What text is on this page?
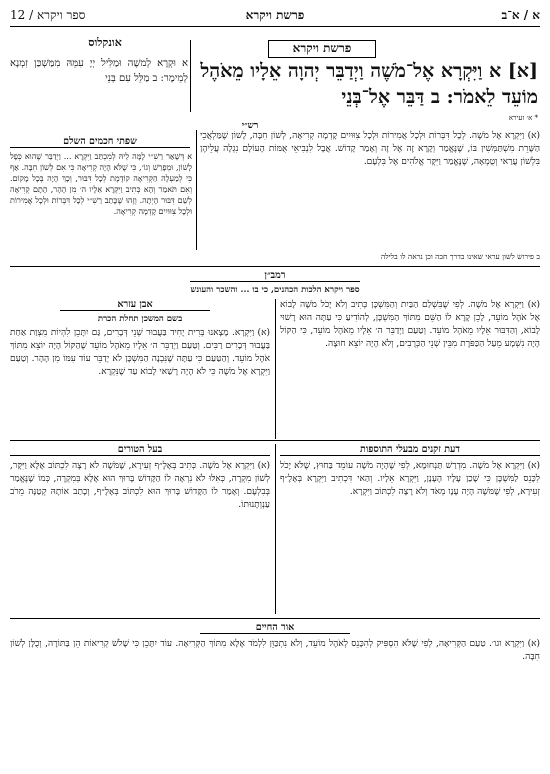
א / א־ב
פרשת ויקרא
12 / ספר ויקרא
פרשת ויקרא
אונקלוס
א וּקְרָא לְמשֶׁה וּמַלִּיל יְיָ עִמֵּהּ מִמַּשְׁכַּן זִמְנָא לְמֵימָר: ב מַלֵּל עִם בְּנֵי [א] א וַיִּקְרָא אֶל־מֹשֶׁה וַיְדַבֵּר יְהוָה אֵלָיו מֵאֹהֶל מוֹעֵד לֵאמֹר: ב דַּבֵּר אֶל־בְּנֵי
* א׳ זעירא
רש״י
(א) וַיִּקְרָא אֶל מֹשֶׁה. לְכָל דִּבְּרוֹת וּלְכָל אֲמִירוֹת וּלְכָל צִוּוּיִים קָדְמָה קְרִיאָה, לְשׁוֹן חִבָּה, לָשׁוֹן שֶׁמַּלְאֲכֵי הַשָּׁרֵת מִשְׁתַּמְּשִׁין בּוֹ, שֶׁנֶּאֱמַר וְקָרָא זֶה אֶל זֶה וְאָמַר קָדוֹשׁ. אֲבָל לִנְבִיאֵי אֻמּוֹת הָעוֹלָם נִגְלָה עֲלֵיהֶן בִּלְשׁוֹן עֲרַאי וְטֻמְאָה, שֶׁנֶּאֱמַר וַיִּקָּר אֱלֹהִים אֶל בִּלְעָם.
שפתי חכמים השלם
א דְּשָׁאַר רַשִׁ״י לָמָּה לֵיהּ לְמִכְתַּב וַיִּקְרָא ... וַיְדַבֵּר שֶׁהוּא כְּפָל לָשׁוֹן, וּמְפָרֵשׁ וְגוֹ׳, כִּי שֶׁלֹּא הָיָה קְרִיאָה כִּי אִם לְשׁוֹן חִבָּה. אַף כִּי לְמַעְלָה הַקְּרִיאָה קוֹדֶמֶת לְכָל דִּבּוּר, וְכָךְ הָיָה בְּכָל מָקוֹם. וְאִם תֹּאמַר וְהָא כְּתִיב וַיִּקְרָא אֵלָיו ה׳ מִן הָהָר, הָתָם קְרִיאָה לְשֵׁם דִּבּוּר הָיְתָה. וְזֶהוּ שֶׁכָּתַב רַשִׁ״י לְכָל דִּבְּרוֹת וּלְכָל אֲמִירוֹת וּלְכָל צִוּוּיִים קָדְמָה קְרִיאָה.
ב פירוש לשון עראי שאינו בדרך חבה וכן נראה לו בלילה
רמב״ן
ספר ויקרא הלכות הכהנים, כי בו ... והשכר והעונש
(א) וַיִּקְרָא אֶל מֹשֶׁה. לְפִי שֶׁבִּשְׁלַם הַבַּיִת וְהַמִּשְׁכָּן כְּתִיב וְלֹא יָכֹל מֹשֶׁה לָבוֹא אֶל אֹהֶל מוֹעֵד, לָכֵן קָרָא לוֹ הַשֵּׁם מִתּוֹךְ הַמִּשְׁכָּן, לְהוֹדִיעַ כִּי עַתָּה הוּא רָשׁוּי לָבוֹא, וְהַדִּבּוּר אֵלָיו מֵאֹהֶל מוֹעֵד. וְטַעַם וַיְדַבֵּר ה׳ אֵלָיו מֵאֹהֶל מוֹעֵד, כִּי הַקּוֹל הָיָה נִשְׁמָע מֵעַל הַכַּפֹּרֶת מִבֵּין שְׁנֵי הַכְּרֻבִים, וְלֹא הָיָה יוֹצֵא חוּצָה.
אבן עזרא
בשם המשכן תחלת הכרת
(א) וַיִּקְרָא. מָצָאנוּ בְּרִית יָחִיד בַּעֲבוּר שְׁנֵי דְּבָרִים, גַּם יִתָּכֵן לִהְיוֹת מִצְוַת אַחַת בַּעֲבוּר דְּבָרִים רַבִּים. וְטַעַם וַיְדַבֵּר ה׳ אֵלָיו מֵאֹהֶל מוֹעֵד שֶׁהַקּוֹל הָיָה יוֹצֵא מִתּוֹךְ אֹהֶל מוֹעֵד. וְהַטַּעַם כִּי עַתָּה שֶׁנִּבְנָה הַמִּשְׁכָּן לֹא יְדַבֵּר עוֹד עִמּוֹ מִן הָהָר. וְטַעַם וַיִּקְרָא אֶל מֹשֶׁה כִּי לֹא הָיָה רָשַׁאי לָבוֹא עַד שֶׁנִּקְרָא.
בעל הטורים
(א) וַיִּקְרָא אֶל מֹשֶׁה. כְּתִיב בְּאָלֶ״ף זְעִירָא, שֶׁמֹּשֶׁה לֹא רָצָה לִכְתּוֹב אֶלָּא וַיִּקָּר, לְשׁוֹן מִקְרֶה, כְּאִלּוּ לֹא נִרְאָה לוֹ הַקָּדוֹשׁ בָּרוּךְ הוּא אֶלָּא בְּמִקְרֶה, כְּמוֹ שֶׁנֶּאֱמַר בְּבִלְעָם. וְאָמַר לוֹ הַקָּדוֹשׁ בָּרוּךְ הוּא לִכְתּוֹב בְּאָלֶ״ף, וְכָתַב אוֹתָהּ קְטַנָּה מֵרֹב עַנְוְתָנוּתוֹ.
דעת זקנים מבעלי התוספות
(א) וַיִּקְרָא אֶל מֹשֶׁה. מִדְרַשׁ תַּנְחוּמָא, לְפִי שֶׁהָיָה מֹשֶׁה עוֹמֵד בַּחוּץ, שֶׁלֹּא יָכֹל לִכָּנֵס לַמִּשְׁכָּן כִּי שָׁכַן עָלָיו הֶעָנָן, וַיִּקְרָא אֵלָיו. וְהַאי דִּכְתִיב וַיִּקְרָא בְּאָלֶ״ף זְעִירָא, לְפִי שֶׁמֹּשֶׁה הָיָה עָנָו מְאֹד וְלֹא רָצָה לִכְתּוֹב וַיִּקְרָא.
אור החיים
(א) וַיִּקְרָא וגו׳. טַעַם הַקְּרִיאָה, לְפִי שֶׁלֹּא הִסְפִּיק לְהִכָּנֵס לְאֹהֶל מוֹעֵד, וְלֹא נִתְכַּוֵּן לִלְמֹד אֶלָּא מִתּוֹךְ הַקְּרִיאָה. עוֹד יִתָּכֵן כִּי שָׁלֹשׁ קְרִיאוֹת הֵן בַּתּוֹרָה, וְכֻלָּן לְשׁוֹן חִבָּה.
